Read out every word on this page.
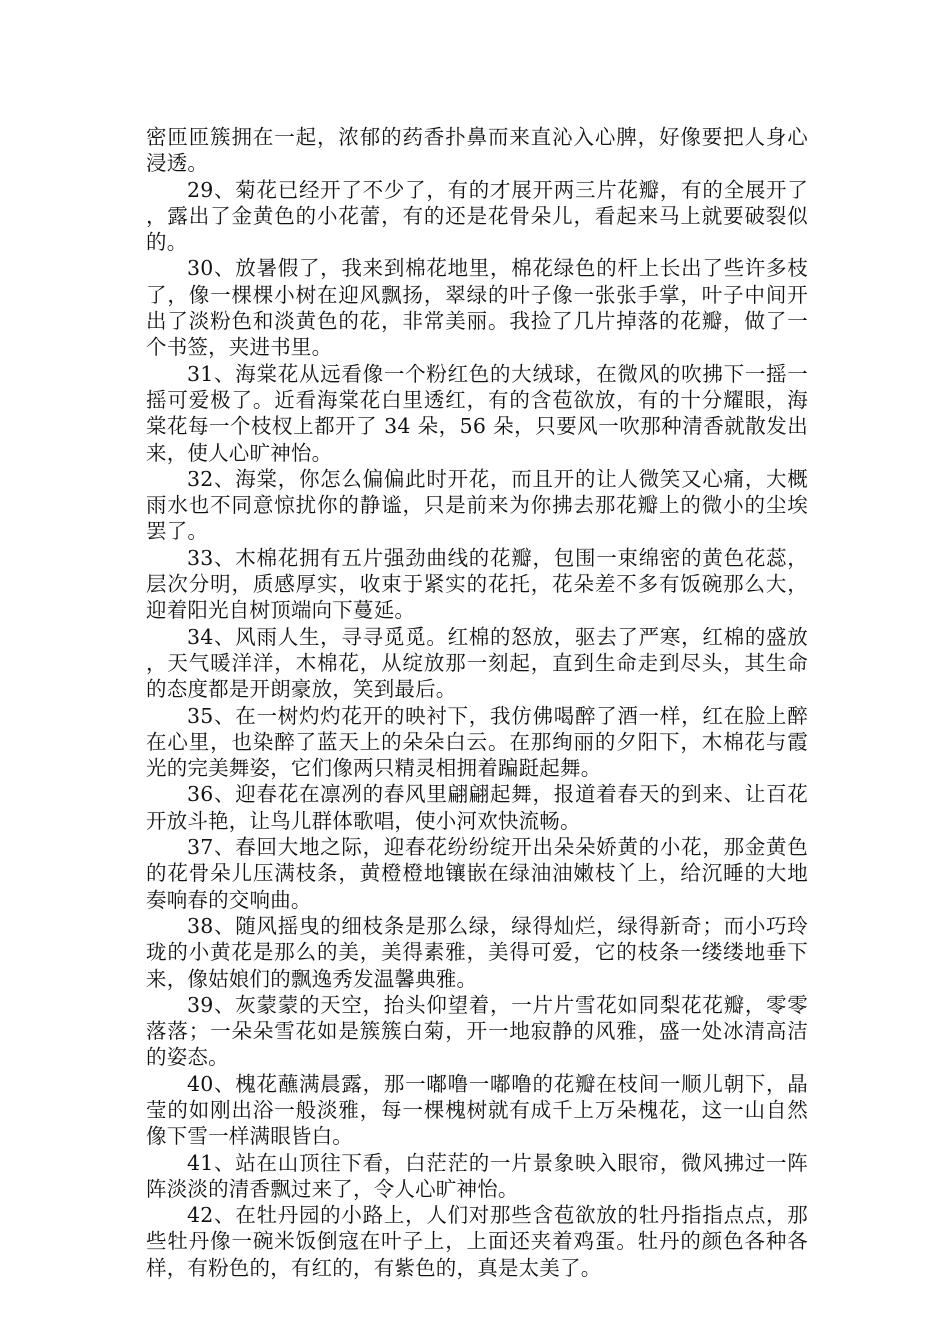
密匝匝簇拥在一起，浓郁的药香扑鼻而来直沁入心脾，好像要把人身心浸透。

29、菊花已经开了不少了，有的才展开两三片花瓣，有的全展开了，露出了金黄色的小花蕾，有的还是花骨朵儿，看起来马上就要破裂似的。

30、放暑假了，我来到棉花地里，棉花绿色的杆上长出了些许多枝了，像一棵棵小树在迎风飘扬，翠绿的叶子像一张张手掌，叶子中间开出了淡粉色和淡黄色的花，非常美丽。我捡了几片掉落的花瓣，做了一个书签，夹进书里。

31、海棠花从远看像一个粉红色的大绒球，在微风的吹拂下一摇一摇可爱极了。近看海棠花白里透红，有的含苞欲放，有的十分耀眼，海棠花每一个枝杈上都开了 34 朵，56 朵，只要风一吹那种清香就散发出来，使人心旷神怡。

32、海棠，你怎么偏偏此时开花，而且开的让人微笑又心痛，大概雨水也不同意惊扰你的静谧，只是前来为你拂去那花瓣上的微小的尘埃罢了。

33、木棉花拥有五片强劲曲线的花瓣，包围一束绵密的黄色花蕊，层次分明，质感厚实，收束于紧实的花托，花朵差不多有饭碗那么大，迎着阳光自树顶端向下蔓延。

34、风雨人生，寻寻觅觅。红棉的怒放，驱去了严寒，红棉的盛放，天气暖洋洋，木棉花，从绽放那一刻起，直到生命走到尽头，其生命的态度都是开朗豪放，笑到最后。

35、在一树灼灼花开的映衬下，我仿佛喝醉了酒一样，红在脸上醉在心里，也染醉了蓝天上的朵朵白云。在那绚丽的夕阳下，木棉花与霞光的完美舞姿，它们像两只精灵相拥着蹁跹起舞。

36、迎春花在凛冽的春风里翩翩起舞，报道着春天的到来、让百花开放斗艳，让鸟儿群体歌唱，使小河欢快流畅。

37、春回大地之际，迎春花纷纷绽开出朵朵娇黄的小花，那金黄色的花骨朵儿压满枝条，黄橙橙地镶嵌在绿油油嫩枝丫上，给沉睡的大地奏响春的交响曲。

38、随风摇曳的细枝条是那么绿，绿得灿烂，绿得新奇；而小巧玲珑的小黄花是那么的美，美得素雅，美得可爱，它的枝条一缕缕地垂下来，像姑娘们的飘逸秀发温馨典雅。

39、灰蒙蒙的天空，抬头仰望着，一片片雪花如同梨花花瓣，零零落落；一朵朵雪花如是簇簇白菊，开一地寂静的风雅，盛一处冰清高洁的姿态。

40、槐花蘸满晨露，那一嘟噜一嘟噜的花瓣在枝间一顺儿朝下，晶莹的如刚出浴一般淡雅，每一棵槐树就有成千上万朵槐花，这一山自然像下雪一样满眼皆白。

41、站在山顶往下看，白茫茫的一片景象映入眼帘，微风拂过一阵阵淡淡的清香飘过来了，令人心旷神怡。

42、在牡丹园的小路上，人们对那些含苞欲放的牡丹指指点点，那些牡丹像一碗米饭倒寇在叶子上，上面还夹着鸡蛋。牡丹的颜色各种各样，有粉色的，有红的，有紫色的，真是太美了。
